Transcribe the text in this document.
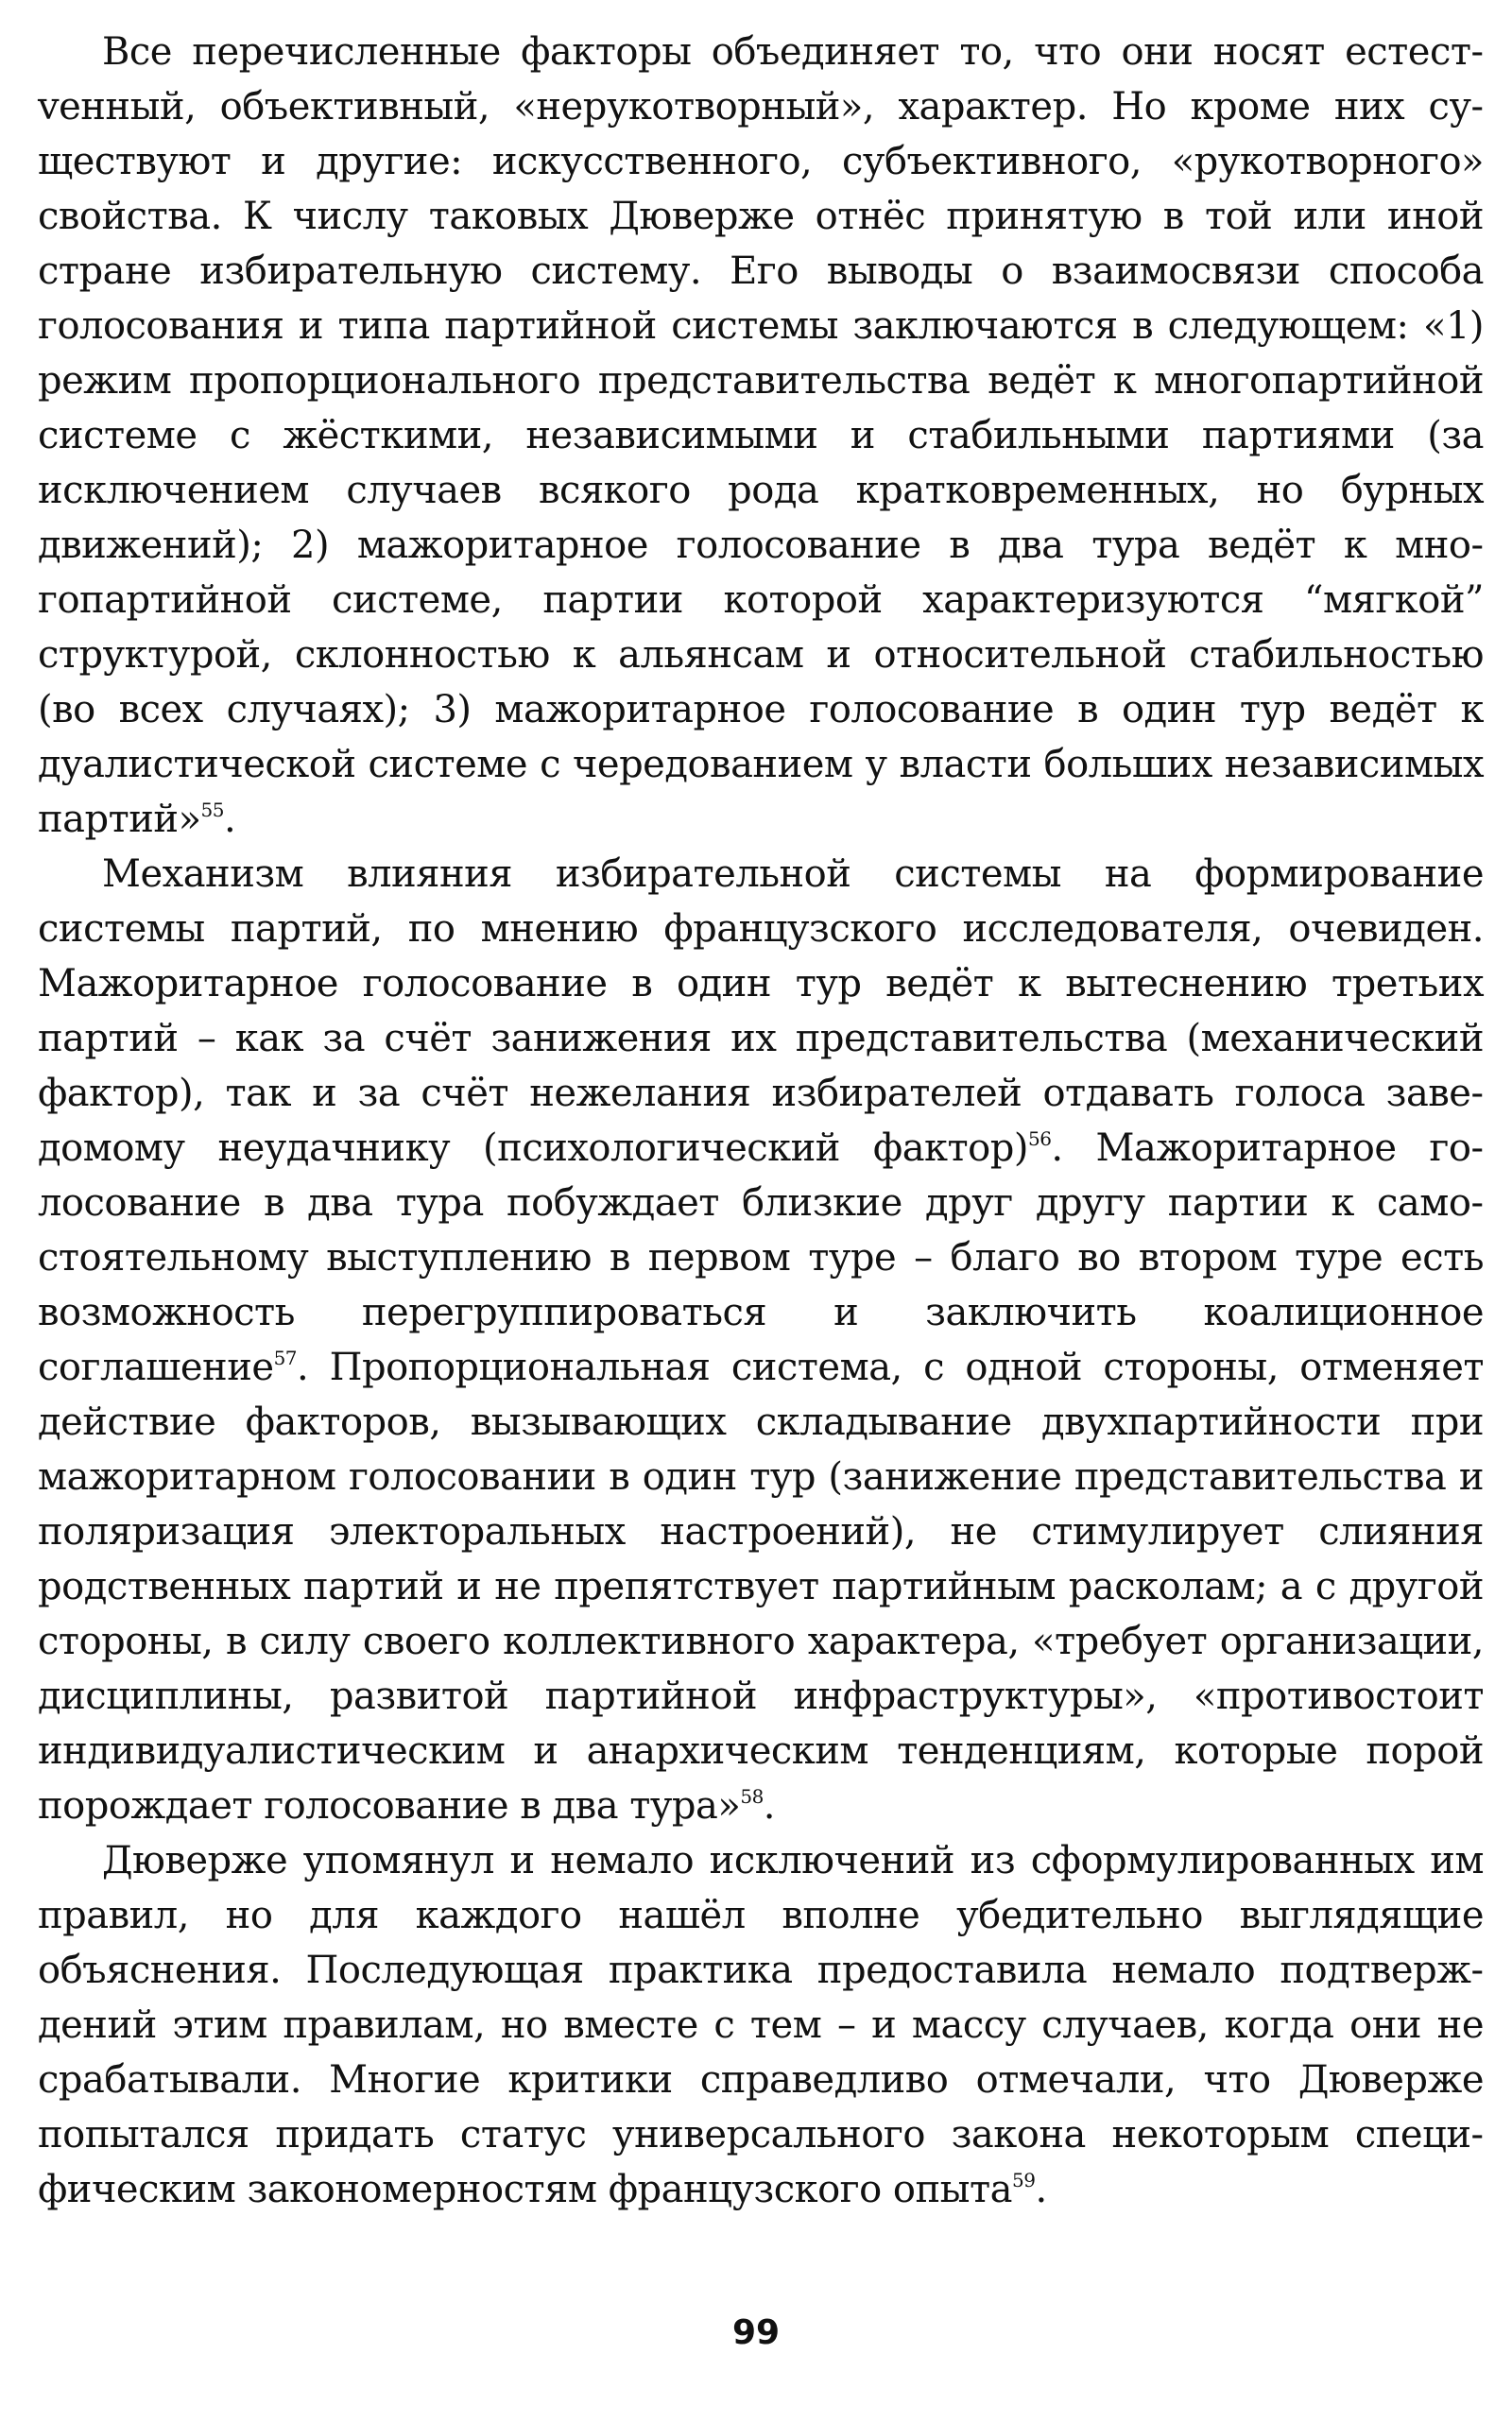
Все перечисленные факторы объединяет то, что они носят естестvенный, объективный, «нерукотворный», характер. Но кроме них существуют и другие: искусственного, субъективного, «рукотворного» свойства. К числу таковых Дюверже отнёс принятую в той или иной стране избирательную систему. Его выводы о взаимосвязи способа голосования и типа партийной системы заключаются в следующем: «1) режим пропорционального представительства ведёт к многопартийной системе с жёсткими, независимыми и стабильными партиями (за исключением случаев всякого рода кратковременных, но бурных движений); 2) мажоритарное голосование в два тура ведёт к многопартийной системе, партии которой характеризуются “мягкой” структурой, склонностью к альянсам и относительной стабильностью (во всех случаях); 3) мажоритарное голосование в один тур ведёт к дуалистической системе с чередованием у власти больших независимых партий»$^{55}$.

Механизм влияния избирательной системы на формирование системы партий, по мнению французского исследователя, очевиден. Мажоритарное голосование в один тур ведёт к вытеснению третьих партий – как за счёт занижения их представительства (механический фактор), так и за счёт нежелания избирателей отдавать голоса заведомому неудачнику (психологический фактор)$^{56}$. Мажоритарное голосование в два тура побуждает близкие друг другу партии к самостоятельному выступлению в первом туре – благо во втором туре есть возможность перегруппироваться и заключить коалиционное соглашение$^{57}$. Пропорциональная система, с одной стороны, отменяет действие факторов, вызывающих складывание двухпартийности при мажоритарном голосовании в один тур (занижение представительства и поляризация электоральных настроений), не стимулирует слияния родственных партий и не препятствует партийным расколам; а с другой стороны, в силу своего коллективного характера, «требует организации, дисциплины, развитой партийной инфраструктуры», «противостоит индивидуалистическим и анархическим тенденциям, которые порой порождает голосование в два тура»$^{58}$.

Дюверже упомянул и немало исключений из сформулированных им правил, но для каждого нашёл вполне убедительно выглядящие объяснения. Последующая практика предоставила немало подтверждений этим правилам, но вместе с тем – и массу случаев, когда они не срабатывали. Многие критики справедливо отмечали, что Дюверже попытался придать статус универсального закона некоторым специфическим закономерностям французского опыта$^{59}$.

99
